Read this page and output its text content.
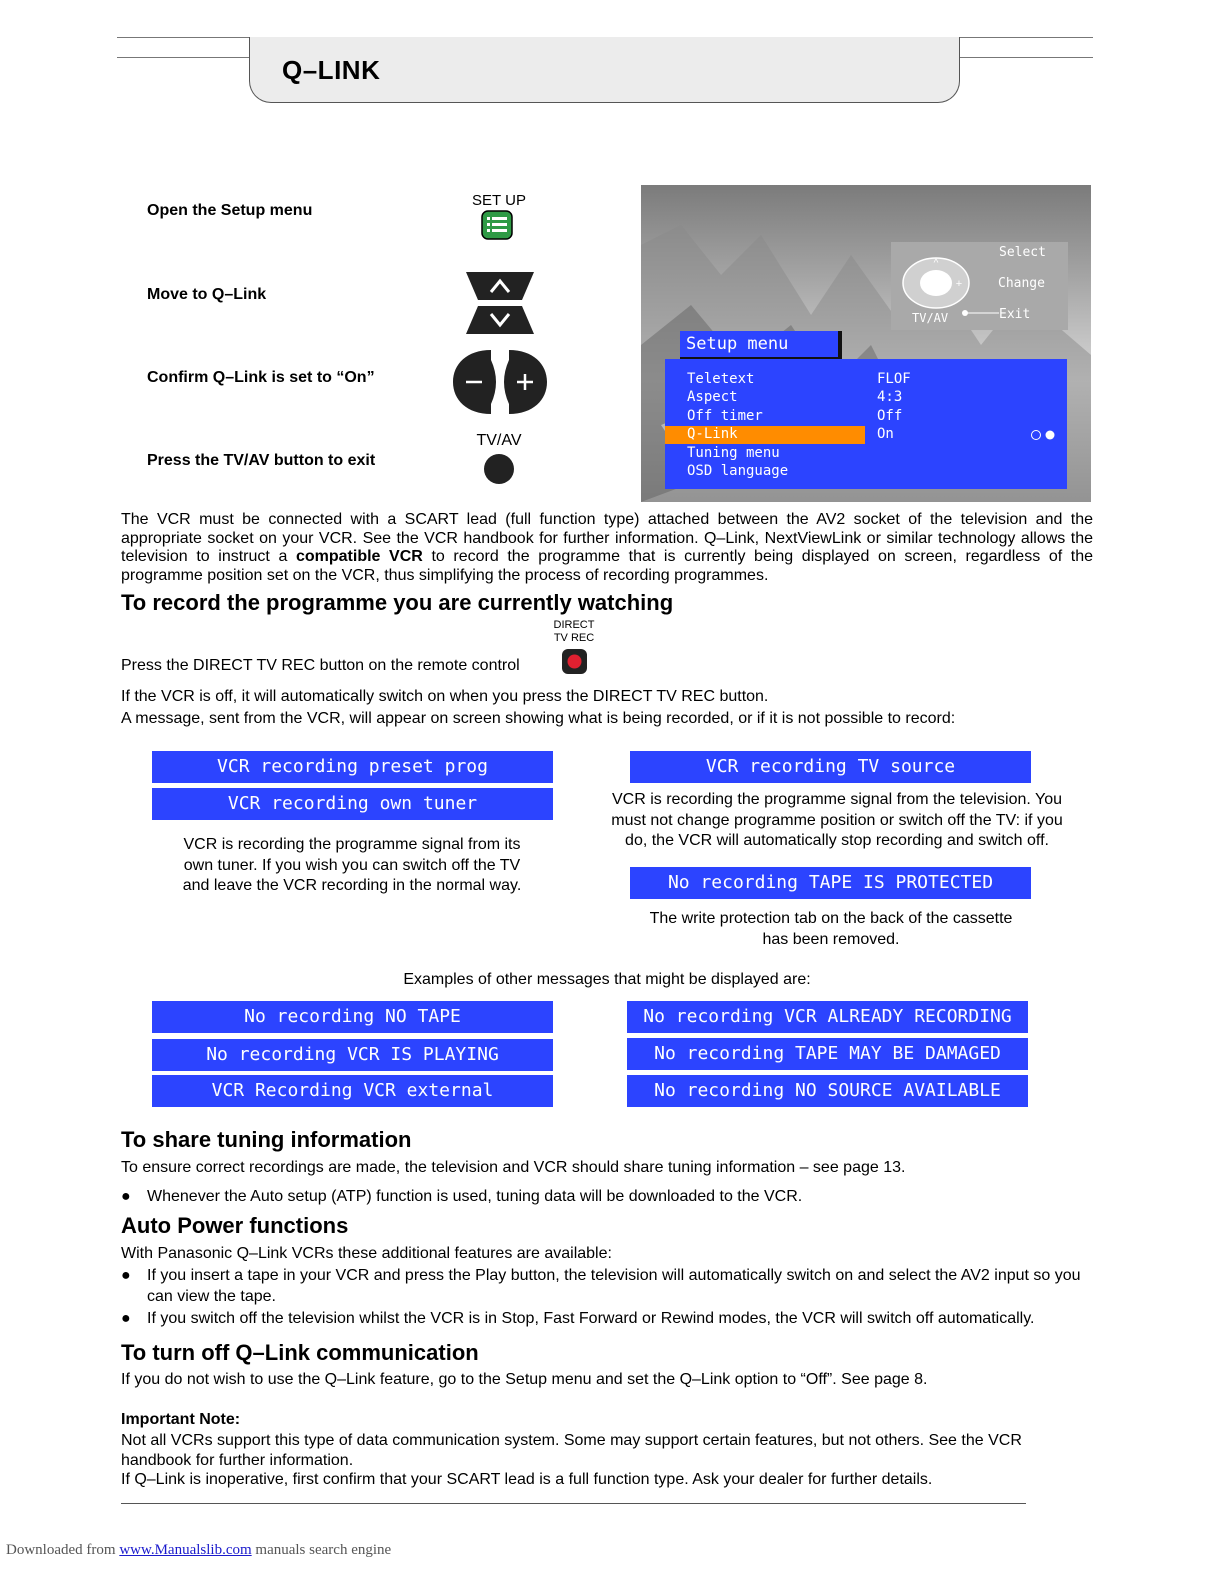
Q–LINK
Open the Setup menu
Move to Q–Link
Confirm Q–Link is set to “On”
Press the TV/AV button to exit
SET UP
TV/AV
^
+
Select
Change
Exit
TV/AV
Setup menu
Teletext	FLOF
Aspect	4:3
Off timer	Off
Q-Link	On
Tuning menu
OSD language
The VCR must be connected with a SCART lead (full function type) attached between the AV2 socket of the television and the appropriate socket on your VCR. See the VCR handbook for further information. Q–Link, NextViewLink or similar technology allows the television to instruct a compatible VCR to record the programme that is currently being displayed on screen, regardless of the programme position set on the VCR, thus simplifying the process of recording programmes.
To record the programme you are currently watching
DIRECT
TV REC
Press the DIRECT TV REC button on the remote control
If the VCR is off, it will automatically switch on when you press the DIRECT TV REC button.
A message, sent from the VCR, will appear on screen showing what is being recorded, or if it is not possible to record:
VCR recording preset prog
VCR recording own tuner
VCR is recording the programme signal from its own tuner. If you wish you can switch off the TV and leave the VCR recording in the normal way.
VCR recording TV source
VCR is recording the programme signal from the television. You must not change programme position or switch off the TV: if you do, the VCR will automatically stop recording and switch off.
No recording TAPE IS PROTECTED
The write protection tab on the back of the cassette has been removed.
Examples of other messages that might be displayed are:
No recording NO TAPE
No recording VCR IS PLAYING
VCR Recording VCR external
No recording VCR ALREADY RECORDING
No recording TAPE MAY BE DAMAGED
No recording NO SOURCE AVAILABLE
To share tuning information
To ensure correct recordings are made, the television and VCR should share tuning information – see page 13.
● Whenever the Auto setup (ATP) function is used, tuning data will be downloaded to the VCR.
Auto Power functions
With Panasonic Q–Link VCRs these additional features are available:
● If you insert a tape in your VCR and press the Play button, the television will automatically switch on and select the AV2 input so you can view the tape.
● If you switch off the television whilst the VCR is in Stop, Fast Forward or Rewind modes, the VCR will switch off automatically.
To turn off Q–Link communication
If you do not wish to use the Q–Link feature, go to the Setup menu and set the Q–Link option to “Off”. See page 8.
Important Note:
Not all VCRs support this type of data communication system. Some may support certain features, but not others. See the VCR handbook for further information.
If Q–Link is inoperative, first confirm that your SCART lead is a full function type. Ask your dealer for further details.
Downloaded from www.Manualslib.com manuals search engine
